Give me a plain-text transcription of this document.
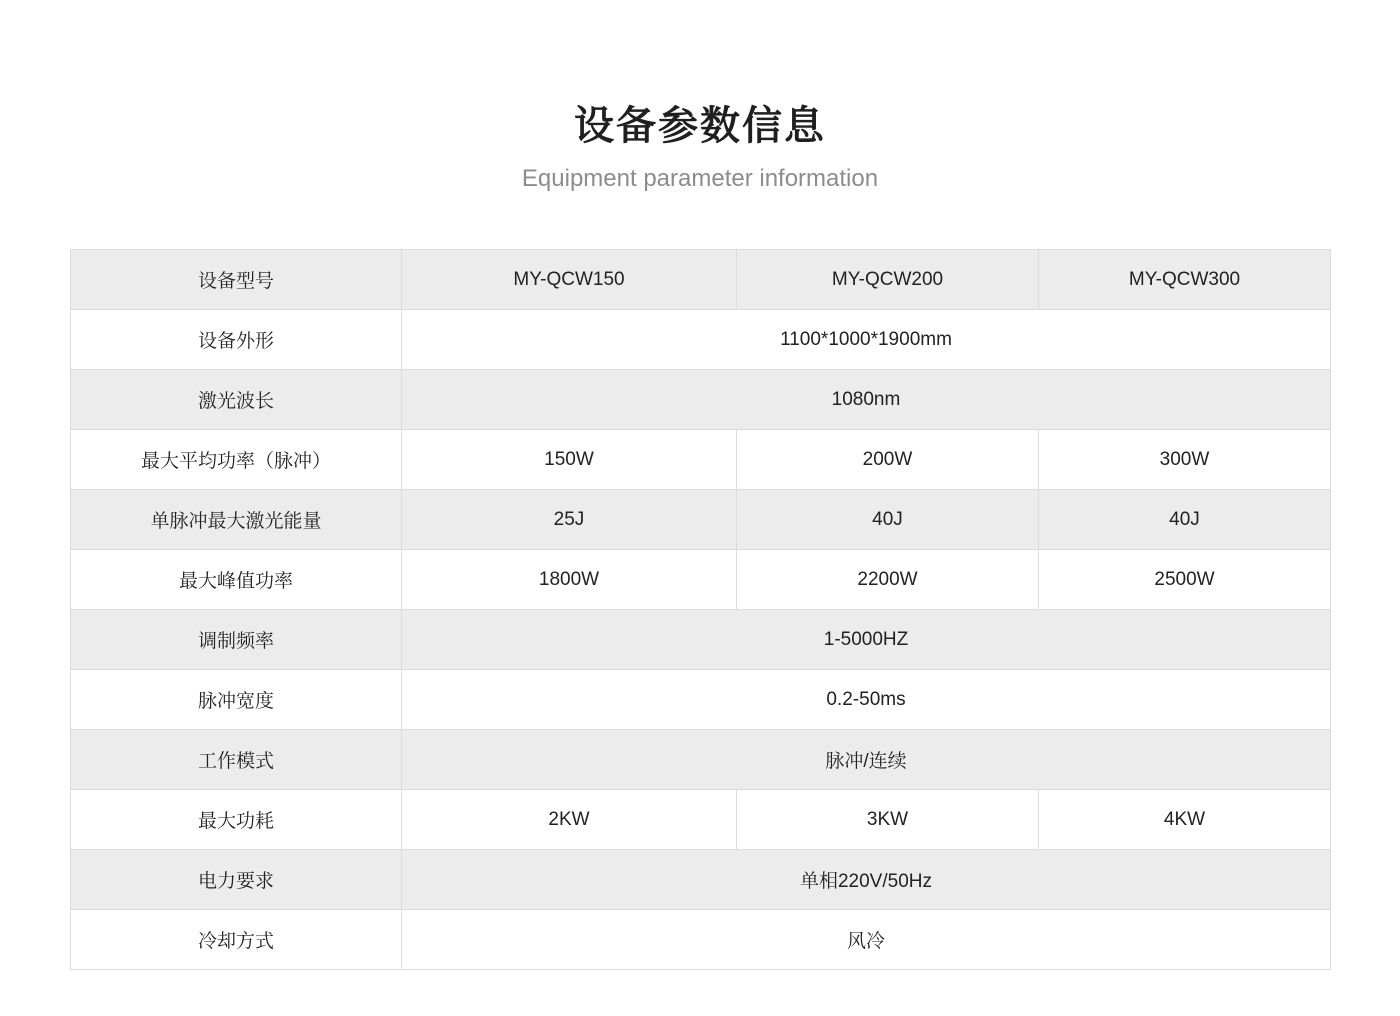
设备参数信息
Equipment parameter information
设备型号	MY-QCW150	MY-QCW200	MY-QCW300
设备外形	1100*1000*1900mm		
激光波长	1080nm		
最大平均功率（脉冲）	150W	200W	300W
单脉冲最大激光能量	25J	40J	40J
最大峰值功率	1800W	2200W	2500W
调制频率	1-5000HZ		
脉冲宽度	0.2-50ms		
工作模式	脉冲/连续		
最大功耗	2KW	3KW	4KW
电力要求	单相220V/50Hz		
冷却方式	风冷		
